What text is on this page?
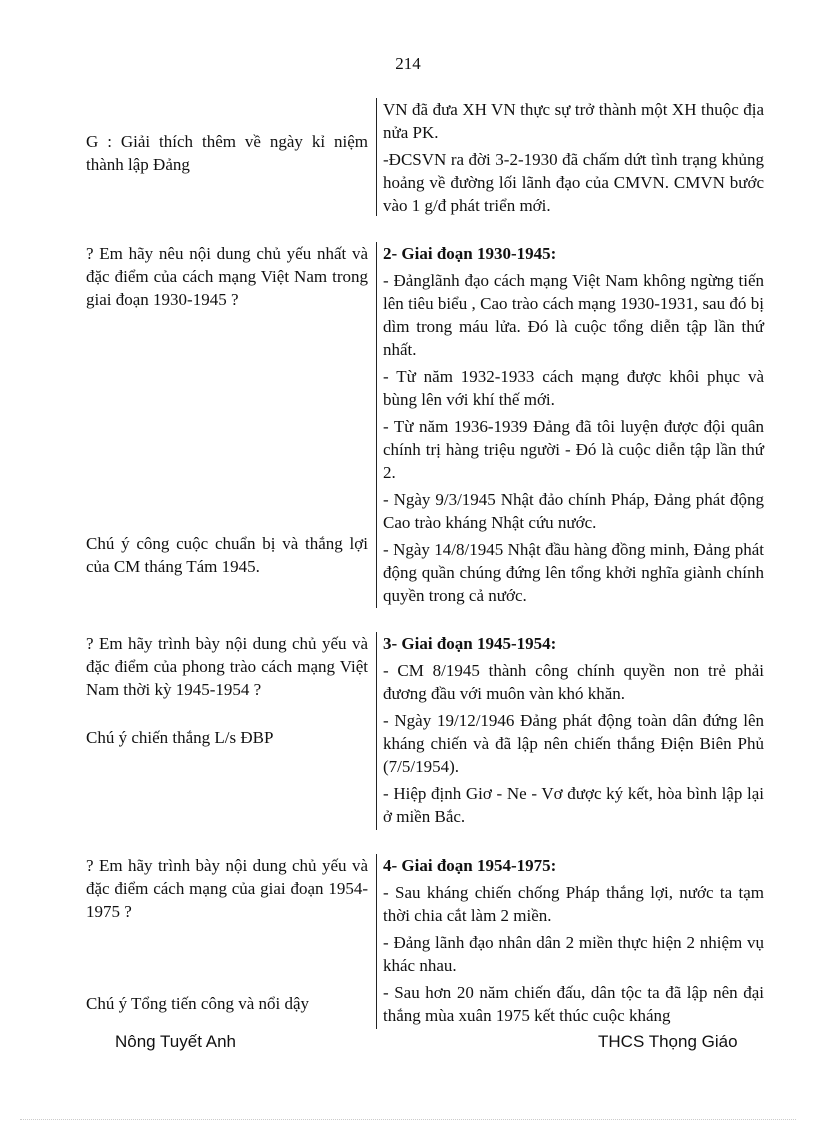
214

G : Giải thích thêm về ngày kỉ niệm thành lập Đảng

VN đã đưa XH VN thực sự trở thành một XH thuộc địa nửa PK.

-ĐCSVN ra đời 3-2-1930 đã chấm dứt tình trạng khủng hoảng về đường lối lãnh đạo của CMVN. CMVN bước vào 1 g/đ phát triển mới.

? Em hãy nêu nội dung chủ yếu nhất và đặc điểm của cách mạng Việt Nam trong giai đoạn 1930-1945 ?

Chú ý công cuộc chuẩn bị và thắng lợi của CM tháng Tám 1945.

2- Giai đoạn 1930-1945:

- Đảnglãnh đạo cách mạng Việt Nam không ngừng tiến lên tiêu biểu , Cao trào cách mạng 1930-1931, sau đó bị dìm trong máu lửa. Đó là cuộc tổng diễn tập lần thứ nhất.

- Từ năm 1932-1933 cách mạng được khôi phục và bùng lên với khí thế mới.

- Từ năm 1936-1939 Đảng đã tôi luyện được đội quân chính trị hàng triệu người - Đó là cuộc diễn tập lần thứ 2.

- Ngày 9/3/1945 Nhật đảo chính Pháp, Đảng phát động Cao trào kháng Nhật cứu nước.

- Ngày 14/8/1945 Nhật đầu hàng đồng minh, Đảng phát động quần chúng đứng lên tổng khởi nghĩa giành chính quyền trong cả nước.

? Em hãy trình bày nội dung chủ yếu và đặc điểm của phong trào cách mạng Việt Nam thời kỳ 1945-1954 ?

Chú ý chiến thắng L/s ĐBP

3- Giai đoạn 1945-1954:

- CM 8/1945 thành công chính quyền non trẻ phải đương đầu với muôn vàn khó khăn.

- Ngày 19/12/1946 Đảng phát động toàn dân đứng lên kháng chiến và đã lập nên chiến thắng Điện Biên Phủ (7/5/1954).

- Hiệp định Giơ - Ne - Vơ được ký kết, hòa bình lập lại ở miền Bắc.

? Em hãy trình bày nội dung chủ yếu và đặc điểm cách mạng của giai đoạn 1954-1975 ?

Chú ý Tổng tiến công và nổi dậy

4- Giai đoạn 1954-1975:

- Sau kháng chiến chống Pháp thắng lợi, nước ta tạm thời chia cắt làm 2 miền.

- Đảng lãnh đạo nhân dân 2 miền thực hiện 2 nhiệm vụ khác nhau.

- Sau hơn 20 năm chiến đấu, dân tộc ta đã lập nên đại thắng mùa xuân 1975 kết thúc cuộc kháng

Nông Tuyết Anh	THCS Thọng Giáo
